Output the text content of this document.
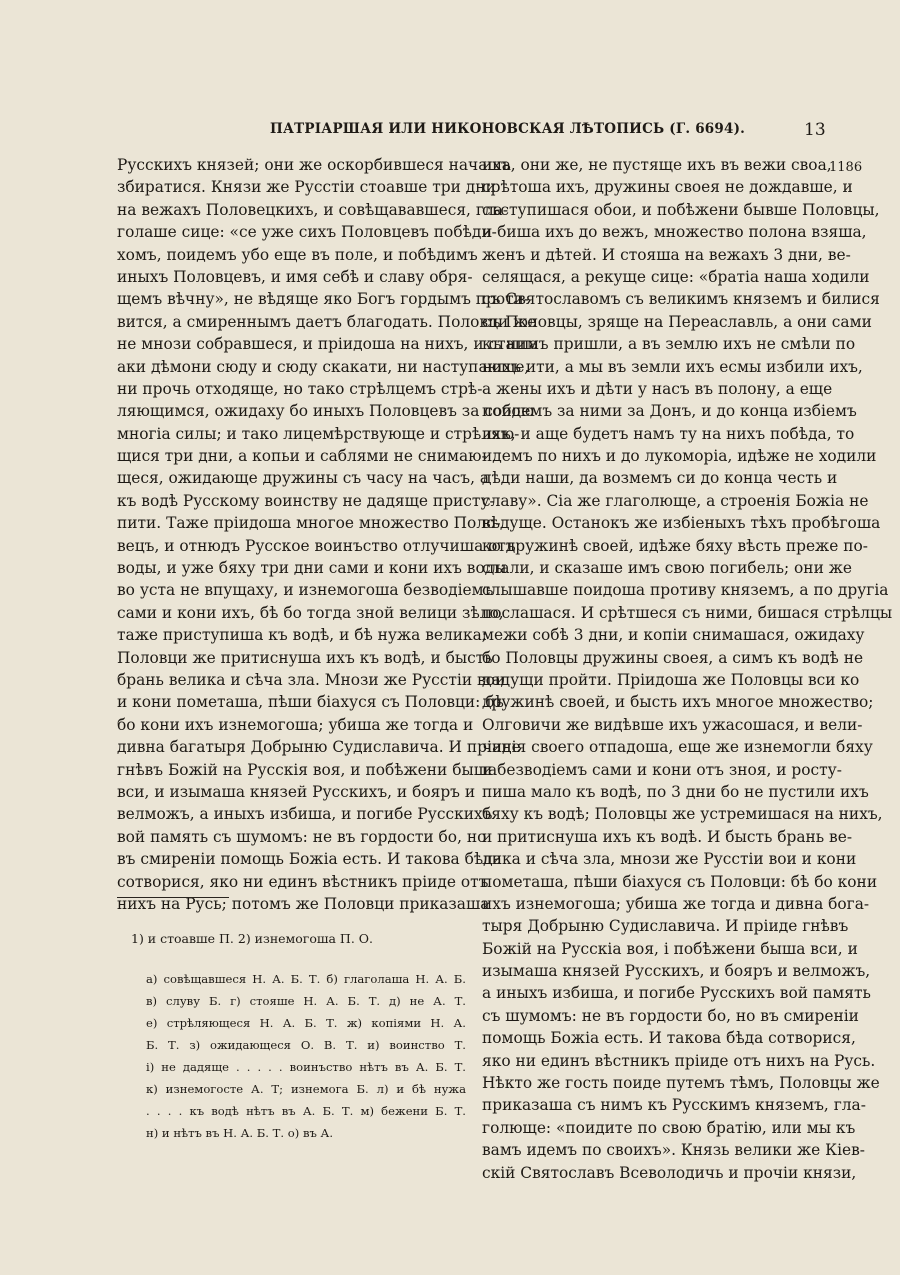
ПАТРІАРШАЯ ИЛИ НИКОНОВСКАЯ ЛѢТОПИСЬ (Г. 6694).	13
Русскихъ князей; они же оскорбившеся начаша
збиратися. Князи же Русстіи стоавше три дни
на вежахъ Половецкихъ, и совѣщававшеся, гла-
голаше сице: «се уже сихъ Половцевъ побѣди-
хомъ, поидемъ убо еще въ поле, и побѣдимъ
иныхъ Половцевъ, и имя себѣ и славу обря-
щемъ вѣчну», не вѣдяще яко Богъ гордымъ проти-
вится, а смиреннымъ даетъ благодать. Половци же
не мнози собравшеся, и пріидоша на нихъ, и сташа
аки дѣмони сюду и сюду скакати, ни наступающе,
ни прочь отходяще, но тако стрѣлцемъ стрѣ-
ляющимся, ожидаху бо иныхъ Половцевъ за собою
многіа силы; и тако лицемѣрствующе и стрѣляю-
щися три дни, а копьи и саблями не снимаю-
щеся, ожидающе дружины съ часу на часъ, а
къ водѣ Русскому воинству не дадяще присту-
пити. Таже пріидоша многое множество Поло-
вецъ, и отнюдъ Русское воинъство отлучиша отъ
воды, и уже бяху три дни сами и кони ихъ воды
во уста не впущаху, и изнемогоша безводіемъ
сами и кони ихъ, бѣ бо тогда зной велици зѣло,
таже приступиша къ водѣ, и бѣ нужа велика;
Половци же притиснуша ихъ къ водѣ, и бысть
брань велика и сѣча зла. Мнози же Русстіи вои
и кони пометаша, пѣши біахуся съ Половци: бѣ
бо кони ихъ изнемогоша; убиша же тогда и
дивна багатыря Добрыню Судиславича. И пріиде
гнѣвъ Божій на Русскія воя, и побѣжени быша
вси, и изымаша князей Русскихъ, и бояръ и
велможъ, а иныхъ избиша, и погибе Русскихъ
вой память съ шумомъ: не въ гордости бо, но
въ смиреніи помощь Божіа есть. И такова бѣда
сотворися, яко ни единъ вѣстникъ пріиде отъ
нихъ на Русь; потомъ же Половци приказаша
ихъ, они же, не пустяще ихъ въ вежи своа,
срѣтоша ихъ, дружины своея не дождавше, и
съступишася обои, и побѣжени бывше Половцы,
и биша ихъ до вежъ, множество полона взяша,
женъ и дѣтей. И стояша на вежахъ 3 дни, ве-
селящася, а рекуще сице: «братіа наша ходили
съ Святославомъ съ великимъ княземъ и билися
съ Половцы, зряще на Переаславль, а они сами
къ нимъ пришли, а въ землю ихъ не смѣли по
нихъ ити, а мы въ земли ихъ есмы избили ихъ,
а жены ихъ и дѣти у насъ въ полону, а еще
поидемъ за ними за Донъ, и до конца избіемъ
ихъ, и аще будетъ намъ ту на нихъ побѣда, то
идемъ по нихъ и до лукоморіа, идѣже не ходили
дѣди наши, да возмемъ си до конца честь и
славу». Сіа же глаголюще, а строенія Божіа не
вѣдуще. Останокъ же избіеныхъ тѣхъ пробѣгоша
ко дружинѣ своей, идѣже бяху вѣсть преже по-
слали, и сказаше имъ свою погибель; они же
слышавше поидоша противу княземъ, а по другіа
послашася. И срѣтшеся съ ними, бишася стрѣлцы
межи собѣ 3 дни, и копіи снимашася, ожидаху
бо Половцы дружины своея, а симъ къ водѣ не
дадущи пройти. Пріидоша же Половцы вси ко
дружинѣ своей, и бысть ихъ многое множество;
Олговичи же видѣвше ихъ ужасошася, и вели-
чанія своего отпадоша, еще же изнемогли бяху
и безводіемъ сами и кони отъ зноя, и росту-
пиша мало къ водѣ, по 3 дни бо не пустили ихъ
бяху къ водѣ; Половцы же устремишася на нихъ,
и притиснуша ихъ къ водѣ. И бысть брань ве-
лика и сѣча зла, мнози же Русстіи вои и кони
пометаша, пѣши біахуся съ Половци: бѣ бо кони
ихъ изнемогоша; убиша же тогда и дивна бога-
тыря Добрыню Судиславича. И пріиде гнѣвъ
Божій на Русскіа воя, і побѣжени быша вси, и
изымаша князей Русскихъ, и бояръ и велможъ,
а иныхъ избиша, и погибе Русскихъ вой память
съ шумомъ: не въ гордости бо, но въ смиреніи
помощь Божіа есть. И такова бѣда сотворися,
яко ни единъ вѣстникъ пріиде отъ нихъ на Русь.
Нѣкто же гость поиде путемъ тѣмъ, Половцы же
приказаша съ нимъ къ Русскимъ княземъ, гла-
голюще: «поидите по свою братію, или мы къ
вамъ идемъ по своихъ». Князь велики же Кіев-
скій Святославъ Всеволодичь и прочіи князи,
1186
1) и стоавше П. 2) изнемогоша П. О.
а) совѣщавшеся Н. А. Б. Т. б) глаголаша Н. А. Б.
в) слуву Б. г) стояше Н. А. Б. Т. д) не А. Т.
е) стрѣляющеся Н. А. Б. Т. ж) копіями Н. А.
Б. Т. з) ожидающеся О. В. Т. и) воинство Т.
і) не дадяще . . . . . воинъство нѣтъ въ А. Б. Т.
к) изнемогосте А. Т; изнемога Б. л) и бѣ нужа
. . . . къ водѣ нѣтъ въ А. Б. Т. м) бежени Б. Т.
н) и нѣтъ въ Н. А. Б. Т. о) въ А.
